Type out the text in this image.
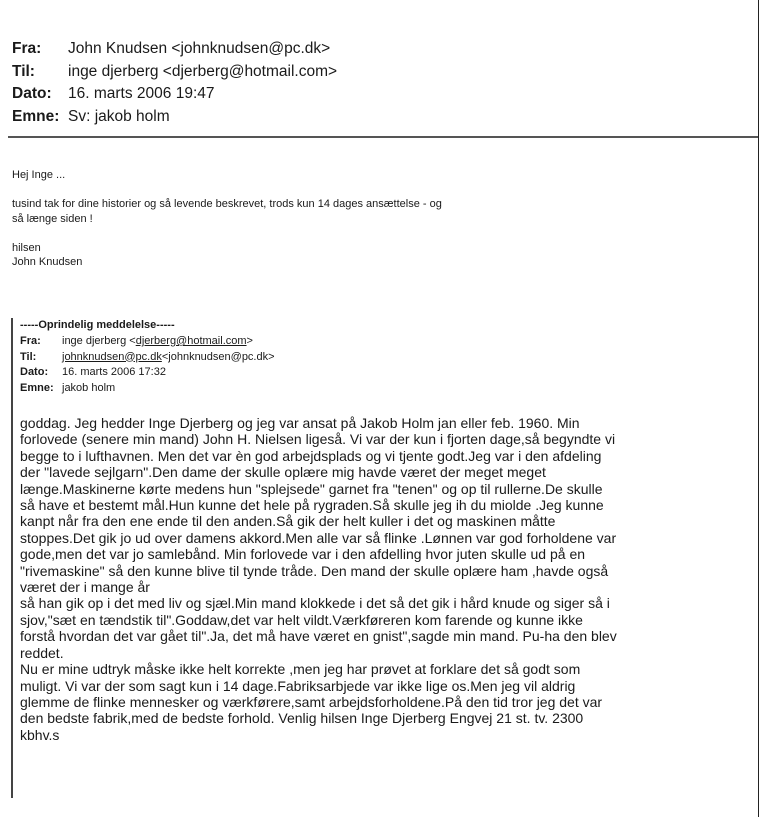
Fra:	John Knudsen <johnknudsen@pc.dk>
Til:	inge djerberg <djerberg@hotmail.com>
Dato:	16. marts 2006 19:47
Emne: Sv: jakob holm

Hej Inge ...

tusind tak for dine historier og så levende beskrevet, trods kun 14 dages ansættelse - og
så længe siden !

hilsen

John Knudsen

-----Oprindelig meddelelse-----
Fra:	inge djerberg < djerberg@hotmail.com >
Til:	johnknudsen@pc.dk <johnknudsen@pc.dk>
Dato:	16. marts 2006 17:32
Emne: jakob holm
goddag. Jeg hedder Inge Djerberg og jeg var ansat på Jakob Holm jan eller feb. 1960. Min
forlovede (senere min mand) John H. Nielsen ligeså. Vi var der kun i fjorten dage,så begyndte vi
begge to i lufthavnen. Men det var èn god arbejdsplads og vi tjente godt.Jeg var i den afdeling
der "lavede sejlgarn".Den dame der skulle oplære mig havde været der meget meget
længe.Maskinerne kørte medens hun "splejsede" garnet fra "tenen" og op til rullerne.De skulle
så have et bestemt mål.Hun kunne det hele på rygraden.Så skulle jeg ih du miolde .Jeg kunne
kanpt når fra den ene ende til den anden.Så gik der helt kuller i det og maskinen måtte
stoppes.Det gik jo ud over damens akkord.Men alle var så flinke .Lønnen var god forholdene var
gode,men det var jo samlebånd. Min forlovede var i den afdelling hvor juten skulle ud på en
"rivemaskine" så den kunne blive til tynde tråde. Den mand der skulle oplære ham ,havde også
været der i mange år
så han gik op i det med liv og sjæl.Min mand klokkede i det så det gik i hård knude og siger så i
sjov,"sæt en tændstik til".Goddaw,det var helt vildt.Værkføreren kom farende og kunne ikke
forstå hvordan det var gået til".Ja, det må have været en gnist",sagde min mand. Pu-ha den blev
reddet.
Nu er mine udtryk måske ikke helt korrekte ,men jeg har prøvet at forklare det så godt som
muligt. Vi var der som sagt kun i 14 dage.Fabriksarbjede var ikke lige os.Men jeg vil aldrig
glemme de flinke mennesker og værkførere,samt arbejdsforholdene.På den tid tror jeg det var
den bedste fabrik,med de bedste forhold. Venlig hilsen Inge Djerberg Engvej 21 st. tv. 2300
kbhv.s
